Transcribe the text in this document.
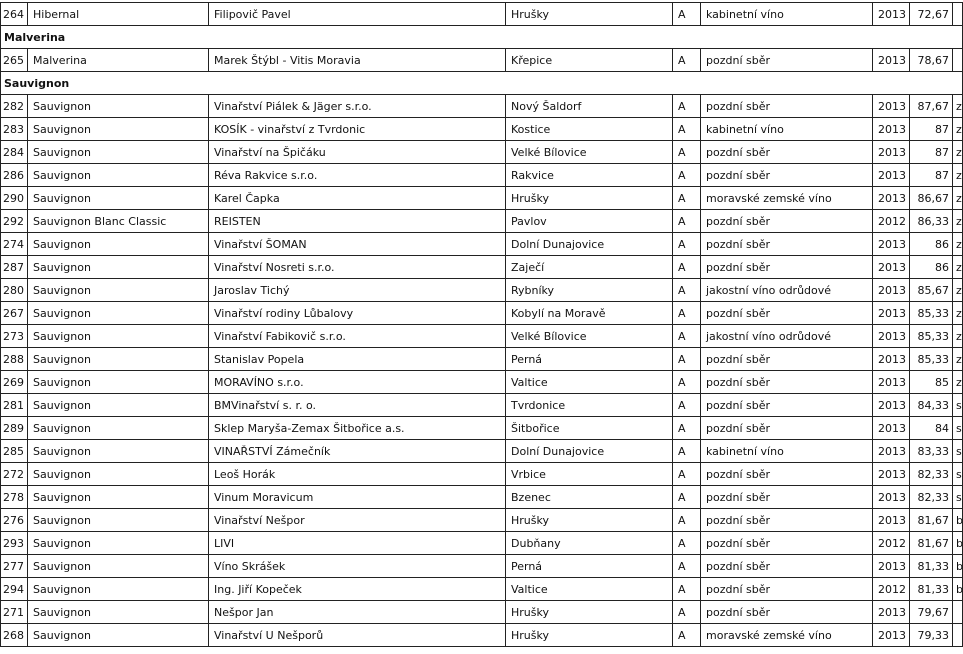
264	Hibernal	Filipovič Pavel	Hrušky	A	kabinetní víno	2013	72,67	
Malverina								
265	Malverina	Marek Štýbl - Vitis Moravia	Křepice	A	pozdní sběr	2013	78,67	
Sauvignon								
282	Sauvignon	Vinařství Piálek & Jäger s.r.o.	Nový Šaldorf	A	pozdní sběr	2013	87,67	z
283	Sauvignon	KOSÍK - vinařství z Tvrdonic	Kostice	A	kabinetní víno	2013	87	z
284	Sauvignon	Vinařství na Špičáku	Velké Bílovice	A	pozdní sběr	2013	87	z
286	Sauvignon	Réva Rakvice s.r.o.	Rakvice	A	pozdní sběr	2013	87	z
290	Sauvignon	Karel Čapka	Hrušky	A	moravské zemské víno	2013	86,67	z
292	Sauvignon Blanc Classic	REISTEN	Pavlov	A	pozdní sběr	2012	86,33	z
274	Sauvignon	Vinařství ŠOMAN	Dolní Dunajovice	A	pozdní sběr	2013	86	z
287	Sauvignon	Vinařství Nosreti s.r.o.	Zaječí	A	pozdní sběr	2013	86	z
280	Sauvignon	Jaroslav Tichý	Rybníky	A	jakostní víno odrůdové	2013	85,67	z
267	Sauvignon	Vinařství rodiny Lůbalovy	Kobylí na Moravě	A	pozdní sběr	2013	85,33	z
273	Sauvignon	Vinařství Fabikovič s.r.o.	Velké Bílovice	A	jakostní víno odrůdové	2013	85,33	z
288	Sauvignon	Stanislav Popela	Perná	A	pozdní sběr	2013	85,33	z
269	Sauvignon	MORAVÍNO s.r.o.	Valtice	A	pozdní sběr	2013	85	z
281	Sauvignon	BMVinařství s. r. o.	Tvrdonice	A	pozdní sběr	2013	84,33	s
289	Sauvignon	Sklep Maryša-Zemax Šitbořice a.s.	Šitbořice	A	pozdní sběr	2013	84	s
285	Sauvignon	VINAŘSTVÍ Zámečník	Dolní Dunajovice	A	kabinetní víno	2013	83,33	s
272	Sauvignon	Leoš Horák	Vrbice	A	pozdní sběr	2013	82,33	s
278	Sauvignon	Vinum Moravicum	Bzenec	A	pozdní sběr	2013	82,33	s
276	Sauvignon	Vinařství Nešpor	Hrušky	A	pozdní sběr	2013	81,67	b
293	Sauvignon	LIVI	Dubňany	A	pozdní sběr	2012	81,67	b
277	Sauvignon	Víno Skrášek	Perná	A	pozdní sběr	2013	81,33	b
294	Sauvignon	Ing. Jiří Kopeček	Valtice	A	pozdní sběr	2012	81,33	b
271	Sauvignon	Nešpor Jan	Hrušky	A	pozdní sběr	2013	79,67	
268	Sauvignon	Vinařství U Nešporů	Hrušky	A	moravské zemské víno	2013	79,33	
